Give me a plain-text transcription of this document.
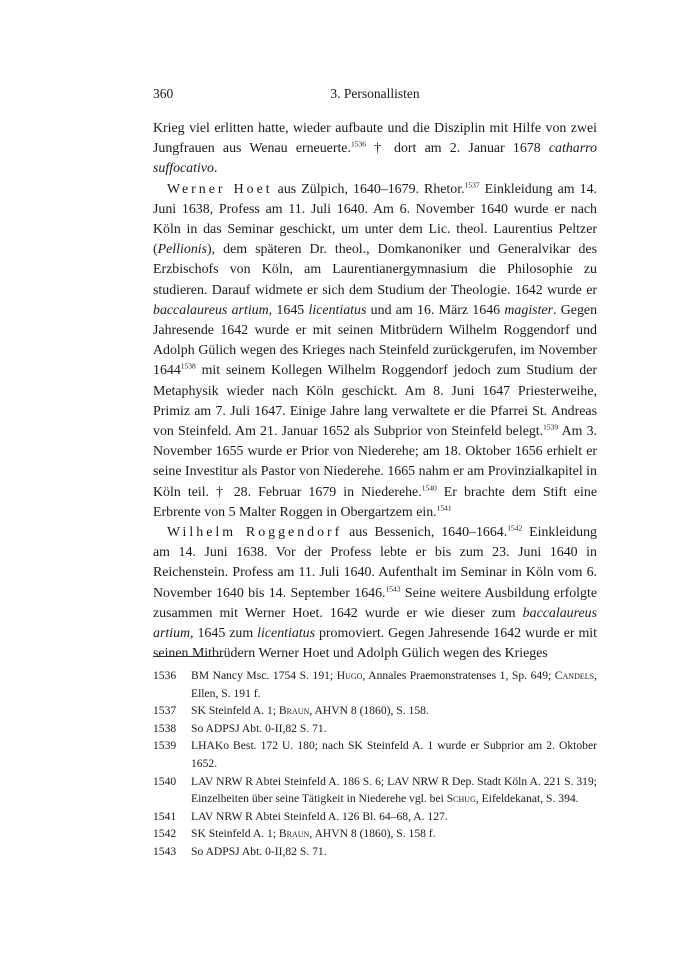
360	3. Personallisten

Krieg viel erlitten hatte, wieder aufbaute und die Disziplin mit Hilfe von zwei Jungfrauen aus Wenau erneuerte.$^{1536}$ † dort am 2. Januar 1678 catharro suffocativo.

Werner Hoet aus Zülpich, 1640–1679. Rhetor.$^{1537}$ Einkleidung am 14. Juni 1638, Profess am 11. Juli 1640. Am 6. November 1640 wurde er nach Köln in das Seminar geschickt, um unter dem Lic. theol. Laurentius Peltzer (Pellionis), dem späteren Dr. theol., Domkanoniker und Generalvikar des Erzbischofs von Köln, am Laurentianergymnasium die Philosophie zu studieren. Darauf widmete er sich dem Studium der Theologie. 1642 wurde er baccalaureus artium, 1645 licentiatus und am 16. März 1646 magister. Gegen Jahresende 1642 wurde er mit seinen Mitbrüdern Wilhelm Roggendorf und Adolph Gülich wegen des Krieges nach Steinfeld zurückgerufen, im November $1644^{1538}$ mit seinem Kollegen Wilhelm Roggendorf jedoch zum Studium der Metaphysik wieder nach Köln geschickt. Am 8. Juni 1647 Priesterweihe, Primiz am 7. Juli 1647. Einige Jahre lang verwaltete er die Pfarrei St. Andreas von Steinfeld. Am 21. Januar 1652 als Subprior von Steinfeld belegt.$^{1539}$ Am 3. November 1655 wurde er Prior von Niederehe; am 18. Oktober 1656 erhielt er seine Investitur als Pastor von Niederehe. 1665 nahm er am Provinzialkapitel in Köln teil. † 28. Februar 1679 in Niederehe.$^{1540}$ Er brachte dem Stift eine Erbrente von 5 Malter Roggen in Obergartzem ein.$^{1541}$

Wilhelm Roggendorf aus Bessenich, 1640–1664.$^{1542}$ Einkleidung am 14. Juni 1638. Vor der Profess lebte er bis zum 23. Juni 1640 in Reichenstein. Profess am 11. Juli 1640. Aufenthalt im Seminar in Köln vom 6. November 1640 bis 14. September 1646.$^{1543}$ Seine weitere Ausbildung erfolgte zusammen mit Werner Hoet. 1642 wurde er wie dieser zum baccalaureus artium, 1645 zum licentiatus promoviert. Gegen Jahresende 1642 wurde er mit seinen Mitbrüdern Werner Hoet und Adolph Gülich wegen des Krieges

1536	BM Nancy Msc. 1754 S. 191; Hugo, Annales Praemonstratenses 1, Sp. 649; Candels, Ellen, S. 191 f.
1537	SK Steinfeld A. 1; Braun, AHVN 8 (1860), S. 158.
1538	So ADPSJ Abt. 0-II,82 S. 71.
1539	LHAKo Best. 172 U. 180; nach SK Steinfeld A. 1 wurde er Subprior am 2. Oktober 1652.
1540	LAV NRW R Abtei Steinfeld A. 186 S. 6; LAV NRW R Dep. Stadt Köln A. 221 S. 319; Einzelheiten über seine Tätigkeit in Niederehe vgl. bei Schug, Eifeldekanat, S. 394.
1541	LAV NRW R Abtei Steinfeld A. 126 Bl. 64–68, A. 127.
1542	SK Steinfeld A. 1; Braun, AHVN 8 (1860), S. 158 f.
1543	So ADPSJ Abt. 0-II,82 S. 71.
